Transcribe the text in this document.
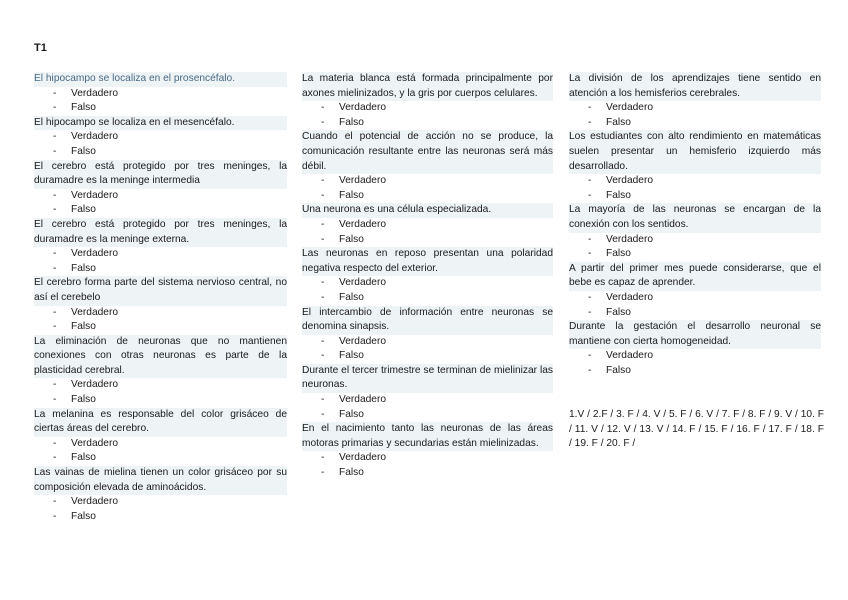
T1
El hipocampo se localiza en el prosencéfalo.
- Verdadero
- Falso
El hipocampo se localiza en el mesencéfalo.
- Verdadero
- Falso
El cerebro está protegido por tres meninges, la duramadre es la meninge intermedia
- Verdadero
- Falso
El cerebro está protegido por tres meninges, la duramadre es la meninge externa.
- Verdadero
- Falso
El cerebro forma parte del sistema nervioso central, no así el cerebelo
- Verdadero
- Falso
La eliminación de neuronas que no mantienen conexiones con otras neuronas es parte de la plasticidad cerebral.
- Verdadero
- Falso
La melanina es responsable del color grisáceo de ciertas áreas del cerebro.
- Verdadero
- Falso
Las vainas de mielina tienen un color grisáceo por su composición elevada de aminoácidos.
- Verdadero
- Falso
La materia blanca está formada principalmente por axones mielinizados, y la gris por cuerpos celulares.
- Verdadero
- Falso
Cuando el potencial de acción no se produce, la comunicación resultante entre las neuronas será más débil.
- Verdadero
- Falso
Una neurona es una célula especializada.
- Verdadero
- Falso
Las neuronas en reposo presentan una polaridad negativa respecto del exterior.
- Verdadero
- Falso
El intercambio de información entre neuronas se denomina sinapsis.
- Verdadero
- Falso
Durante el tercer trimestre se terminan de mielinizar las neuronas.
- Verdadero
- Falso
En el nacimiento tanto las neuronas de las áreas motoras primarias y secundarias están mielinizadas.
- Verdadero
- Falso
La división de los aprendizajes tiene sentido en atención a los hemisferios cerebrales.
- Verdadero
- Falso
Los estudiantes con alto rendimiento en matemáticas suelen presentar un hemisferio izquierdo más desarrollado.
- Verdadero
- Falso
La mayoría de las neuronas se encargan de la conexión con los sentidos.
- Verdadero
- Falso
A partir del primer mes puede considerarse, que el bebe es capaz de aprender.
- Verdadero
- Falso
Durante la gestación el desarrollo neuronal se mantiene con cierta homogeneidad.
- Verdadero
- Falso
1.V / 2.F / 3. F / 4. V / 5. F / 6. V / 7. F / 8. F / 9. V / 10. F / 11. V / 12. V / 13. V / 14. F / 15. F / 16. F / 17. F / 18. F / 19. F / 20. F /
